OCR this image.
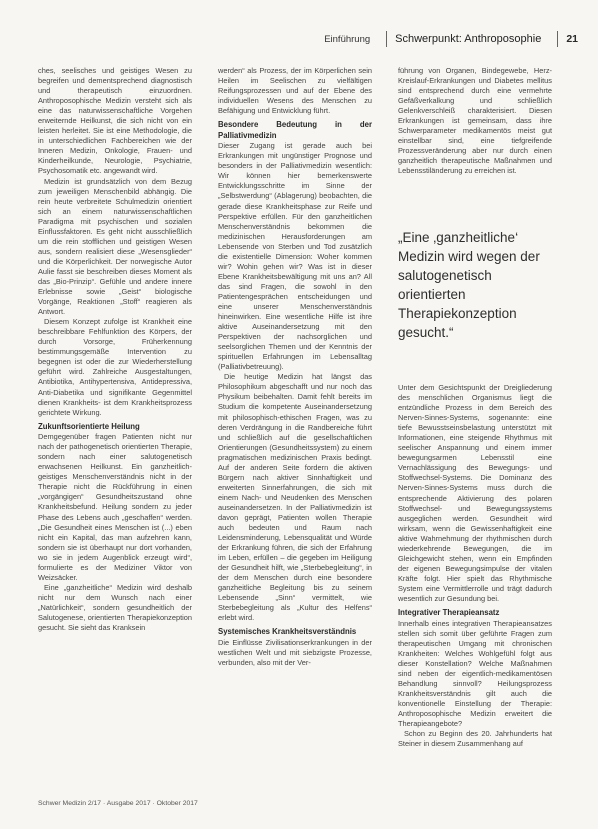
Einführung Schwerpunkt: Anthroposophie 21

ches, seelisches und geistiges Wesen zu begreifen und dementsprechend diagnostisch und therapeutisch einzuordnen. Anthroposophische Medizin versteht sich als eine das naturwissenschaftliche Vorgehen erweiternde Heilkunst, die sich nicht von ein leisten herleitet. Sie ist eine Methodologie, die in unterschiedlichen Fachbereichen wie der Inneren Medizin, Onkologie, Frauen- und Kinderheilkunde, Neurologie, Psychiatrie, Psychosomatik etc. angewandt wird.

Medizin ist grundsätzlich von dem Bezug zum jeweiligen Menschenbild abhängig. Die rein heute verbreitete Schulmedizin orientiert sich an einem naturwissenschaftlichen Paradigma mit psychischen und sozialen Einflussfaktoren. Es geht nicht ausschließlich um die rein stofflichen und geistigen Wesen aus, sondern realisiert diese „Wesensglieder“ und die Körperlichkeit. Der norwegische Autor Aulie fasst sie beschreiben dieses Moment als das „Bio-Prinzip“. Gefühle und andere innere Erlebnisse sowie „Geist“ biologische Vorgänge, Reaktionen „Stoff“ reagieren als Antwort.

Diesem Konzept zufolge ist Krankheit eine beschreibbare Fehlfunktion des Körpers, der durch Vorsorge, Früherkennung bestimmungsgemäße Intervention zu begegnen ist oder die zur Wiederherstellung geführt wird. Zahlreiche Ausgestaltungen, Antibiotika, Antihypertensiva, Antidepressiva, Anti-Diabetika und signifikante Gegenmittel dienen Krankheits- ist dem Krankheitsprozess gerichtete Wirkung.

Zukunftsorientierte Heilung

Demgegenüber fragen Patienten nicht nur nach der pathogenetisch orientierten Therapie, sondern nach einer salutogenetisch erwachsenen Heilkunst. Ein ganzheitlich-geistiges Menschenverständnis nicht in der Therapie nicht die Rückführung in einen „vorgängigen“ Gesundheitszustand ohne Krankheitsbefund. Heilung sondern zu jeder Phase des Lebens auch „geschaffen“ werden. „Die Gesundheit eines Menschen ist (...) eben nicht ein Kapital, das man aufzehren kann, sondern sie ist überhaupt nur dort vorhanden, wo sie in jedem Augenblick erzeugt wird“, formulierte es der Mediziner Viktor von Weizsäcker.

Eine „ganzheitliche“ Medizin wird deshalb nicht nur dem Wunsch nach einer „Natürlichkeit“, sondern gesundheitlich der Salutogenese, orientierten Therapiekonzeption gesucht. Sie sieht das Kranksein

werden“ als Prozess, der im Körperlichen sein Heilen im Seelischen zu vielfältigen Reifungsprozessen und auf der Ebene des individuellen Wesens des Menschen zu Befähigung und Entwicklung führt.

Besondere Bedeutung in der Palliativmedizin

Dieser Zugang ist gerade auch bei Erkrankungen mit ungünstiger Prognose und besonders in der Palliativmedizin wesentlich: Wir können hier bemerkenswerte Entwicklungsschritte im Sinne der „Selbstwerdung“ (Ablagerung) beobachten, die gerade diese Krankheitsphase zur Reife und Perspektive erfüllen. Für den ganzheitlichen Menschenverständnis bekommen die medizinischen Herausforderungen am Lebensende von Sterben und Tod zusätzlich die existentielle Dimension: Woher kommen wir? Wohin gehen wir? Was ist in dieser Ebene Krankheitsbewältigung mit uns an? All das sind Fragen, die sowohl in den Patientengesprächen entscheidungen und eine unserer Menschenverständnis hineinwirken. Eine wesentliche Hilfe ist ihre aktive Auseinandersetzung mit den Perspektiven der nachsorglichen und seelsorglichen Themen und der Kenntnis der spirituellen Erfahrungen im Lebensalltag (Palliativbetreuung).

Die heutige Medizin hat längst das Philosophikum abgeschafft und nur noch das Physikum beibehalten. Damit fehlt bereits im Studium die kompetente Auseinandersetzung mit philosophisch-ethischen Fragen, was zu deren Verdrängung in die Randbereiche führt und schließlich auf die gesellschaftlichen Orientierungen (Gesundheitssystem) zu einem pragmatischen medizinischen Praxis bedingt. Auf der anderen Seite fordern die aktiven Bürgern nach aktiver Sinnhaftigkeit und erweiterten Sinnerfahrungen, die sich mit einem Nach- und Neudenken des Menschen auseinandersetzen. In der Palliativmedizin ist davon geprägt, Patienten wollen Therapie auch bedeuten und Raum nach Leidensminderung, Lebensqualität und Würde der Erkrankung führen, die sich der Erfahrung im Leben, erfüllen – die gegeben im Heiligung der Gesundheit hilft, wie „Sterbebegleitung“, in der dem Menschen durch eine besondere ganzheitliche Begleitung bis zu seinem Lebensende „Sinn“ vermittelt, wie Sterbebegleitung als „Kultur des Helfens“ erlebt wird.

Systemisches Krankheitsverständnis

Die Einflüsse Zivilisationserkrankungen in der westlichen Welt und mit siebzigste Prozesse, verbunden, also mit der Ver-

führung von Organen, Bindegewebe, Herz-Kreislauf-Erkrankungen und Diabetes mellitus sind entsprechend durch eine vermehrte Gefäßverkalkung und schließlich Gelenkverschleiß charakterisiert. Diesen Erkrankungen ist gemeinsam, dass ihre Schwerparameter medikamentös meist gut einstellbar sind, eine tiefgreifende Prozessveränderung aber nur durch einen ganzheitlich therapeutische Maßnahmen und Lebensstiländerung zu erreichen ist.

„Eine ‚ganzheitliche‘ Medizin wird wegen der salutogenetisch orientierten Therapiekonzeption gesucht.“

Unter dem Gesichtspunkt der Dreigliederung des menschlichen Organismus liegt die entzündliche Prozess in dem Bereich des Nerven-Sinnes-Systems, sogenannte: eine tiefe Bewusstseinsbelastung unterstützt mit Informationen, eine steigende Rhythmus mit seelischer Anspannung und einem immer bewegungsarmen Lebensstil eine Vernachlässigung des Bewegungs- und Stoffwechsel-Systems. Die Dominanz des Nerven-Sinnes-Systems muss durch die entsprechende Aktivierung des polaren Stoffwechsel- und Bewegungssystems ausgeglichen werden. Gesundheit wird wirksam, wenn die Gewissenhaftigkeit eine aktive Wahrnehmung der rhythmischen durch wiederkehrende Bewegungen, die im Gleichgewicht stehen, wenn ein Empfinden der eigenen Bewegungsimpulse der vitalen Kräfte folgt. Hier spielt das Rhythmische System eine Vermittlerrolle und trägt dadurch wesentlich zur Gesundung bei.

Integrativer Therapieansatz

Innerhalb eines integrativen Therapieansatzes stellen sich somit über geführte Fragen zum therapeutischen Umgang mit chronischen Krankheiten: Welches Wohlgefühl folgt aus dieser Konstellation? Welche Maßnahmen sind neben der eigentlich-medikamentösen Behandlung sinnvoll? Heilungsprozess Krankheitsverständnis gilt auch die konventionelle Einstellung der Therapie: Anthroposophische Medizin erweitert die Therapieangebote?

Schon zu Beginn des 20. Jahrhunderts hat Steiner in diesem Zusammenhang auf

Schwer Medizin 2/17 · Ausgabe 2017 · Oktober 2017
